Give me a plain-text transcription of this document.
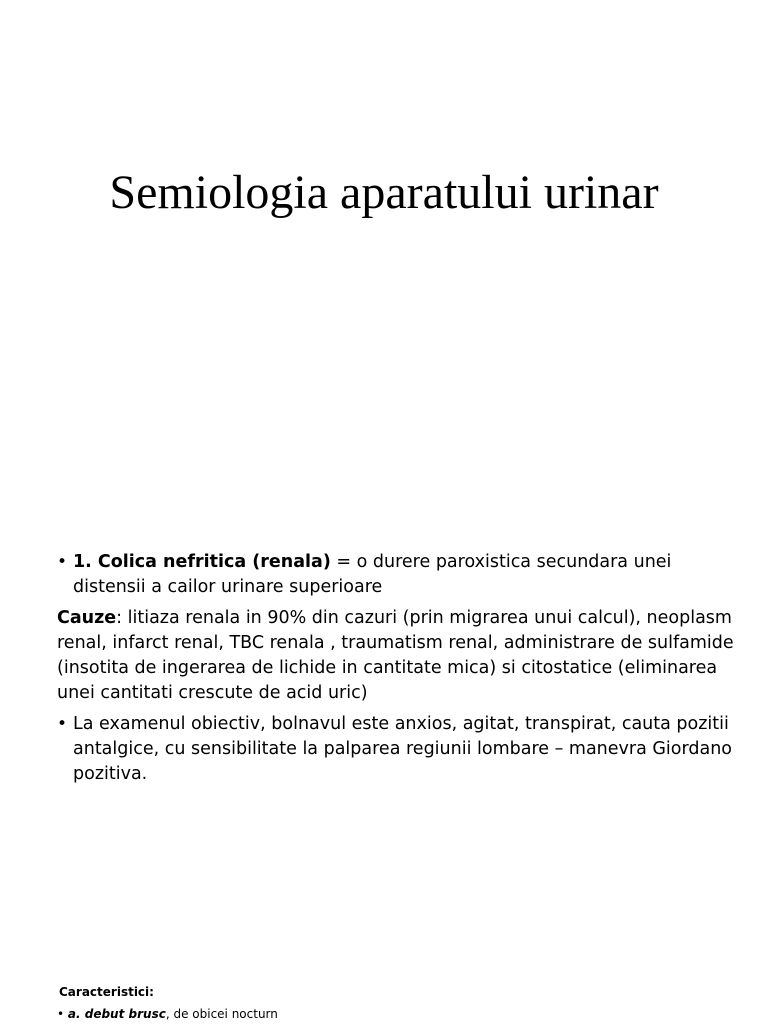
Semiologia aparatului urinar
• 1. Colica nefritica (renala) = o durere paroxistica secundara unei distensii a cailor urinare superioare
Cauze: litiaza renala in 90% din cazuri (prin migrarea unui calcul), neoplasm renal, infarct renal, TBC renala , traumatism renal, administrare de sulfamide (insotita de ingerarea de lichide in cantitate mica) si citostatice (eliminarea unei cantitati crescute de acid uric)
• La examenul obiectiv, bolnavul este anxios, agitat, transpirat, cauta pozitii antalgice, cu sensibilitate la palparea regiunii lombare – manevra Giordano pozitiva.
Caracteristici:
• a. debut brusc, de obicei nocturn
